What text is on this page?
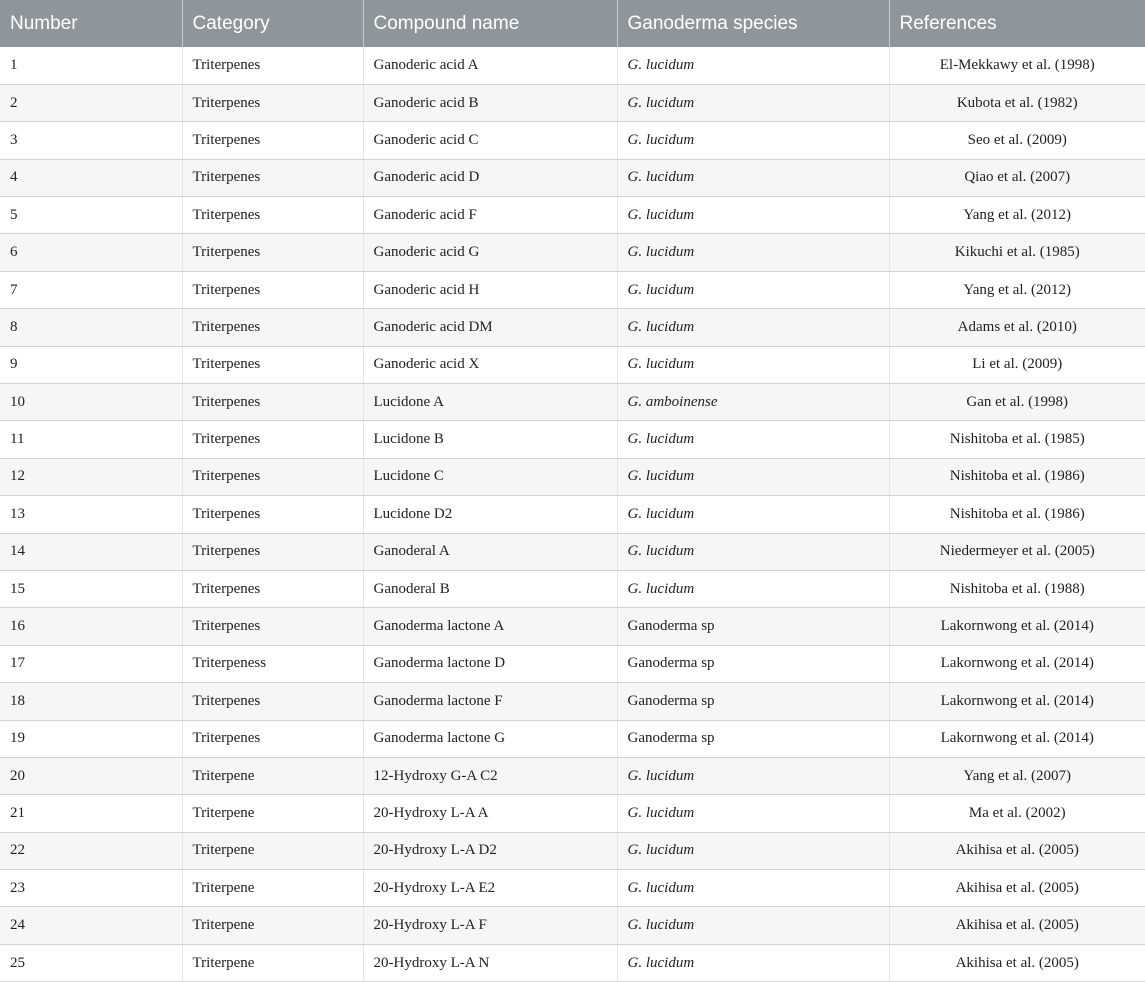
Number	Category	Compound name	Ganoderma species	References
1	Triterpenes	Ganoderic acid A	G. lucidum	El-Mekkawy et al. (1998)
2	Triterpenes	Ganoderic acid B	G. lucidum	Kubota et al. (1982)
3	Triterpenes	Ganoderic acid C	G. lucidum	Seo et al. (2009)
4	Triterpenes	Ganoderic acid D	G. lucidum	Qiao et al. (2007)
5	Triterpenes	Ganoderic acid F	G. lucidum	Yang et al. (2012)
6	Triterpenes	Ganoderic acid G	G. lucidum	Kikuchi et al. (1985)
7	Triterpenes	Ganoderic acid H	G. lucidum	Yang et al. (2012)
8	Triterpenes	Ganoderic acid DM	G. lucidum	Adams et al. (2010)
9	Triterpenes	Ganoderic acid X	G. lucidum	Li et al. (2009)
10	Triterpenes	Lucidone A	G. amboinense	Gan et al. (1998)
11	Triterpenes	Lucidone B	G. lucidum	Nishitoba et al. (1985)
12	Triterpenes	Lucidone C	G. lucidum	Nishitoba et al. (1986)
13	Triterpenes	Lucidone D2	G. lucidum	Nishitoba et al. (1986)
14	Triterpenes	Ganoderal A	G. lucidum	Niedermeyer et al. (2005)
15	Triterpenes	Ganoderal B	G. lucidum	Nishitoba et al. (1988)
16	Triterpenes	Ganoderma lactone A	Ganoderma sp	Lakornwong et al. (2014)
17	Triterpeness	Ganoderma lactone D	Ganoderma sp	Lakornwong et al. (2014)
18	Triterpenes	Ganoderma lactone F	Ganoderma sp	Lakornwong et al. (2014)
19	Triterpenes	Ganoderma lactone G	Ganoderma sp	Lakornwong et al. (2014)
20	Triterpene	12-Hydroxy G-A C2	G. lucidum	Yang et al. (2007)
21	Triterpene	20-Hydroxy L-A A	G. lucidum	Ma et al. (2002)
22	Triterpene	20-Hydroxy L-A D2	G. lucidum	Akihisa et al. (2005)
23	Triterpene	20-Hydroxy L-A E2	G. lucidum	Akihisa et al. (2005)
24	Triterpene	20-Hydroxy L-A F	G. lucidum	Akihisa et al. (2005)
25	Triterpene	20-Hydroxy L-A N	G. lucidum	Akihisa et al. (2005)
